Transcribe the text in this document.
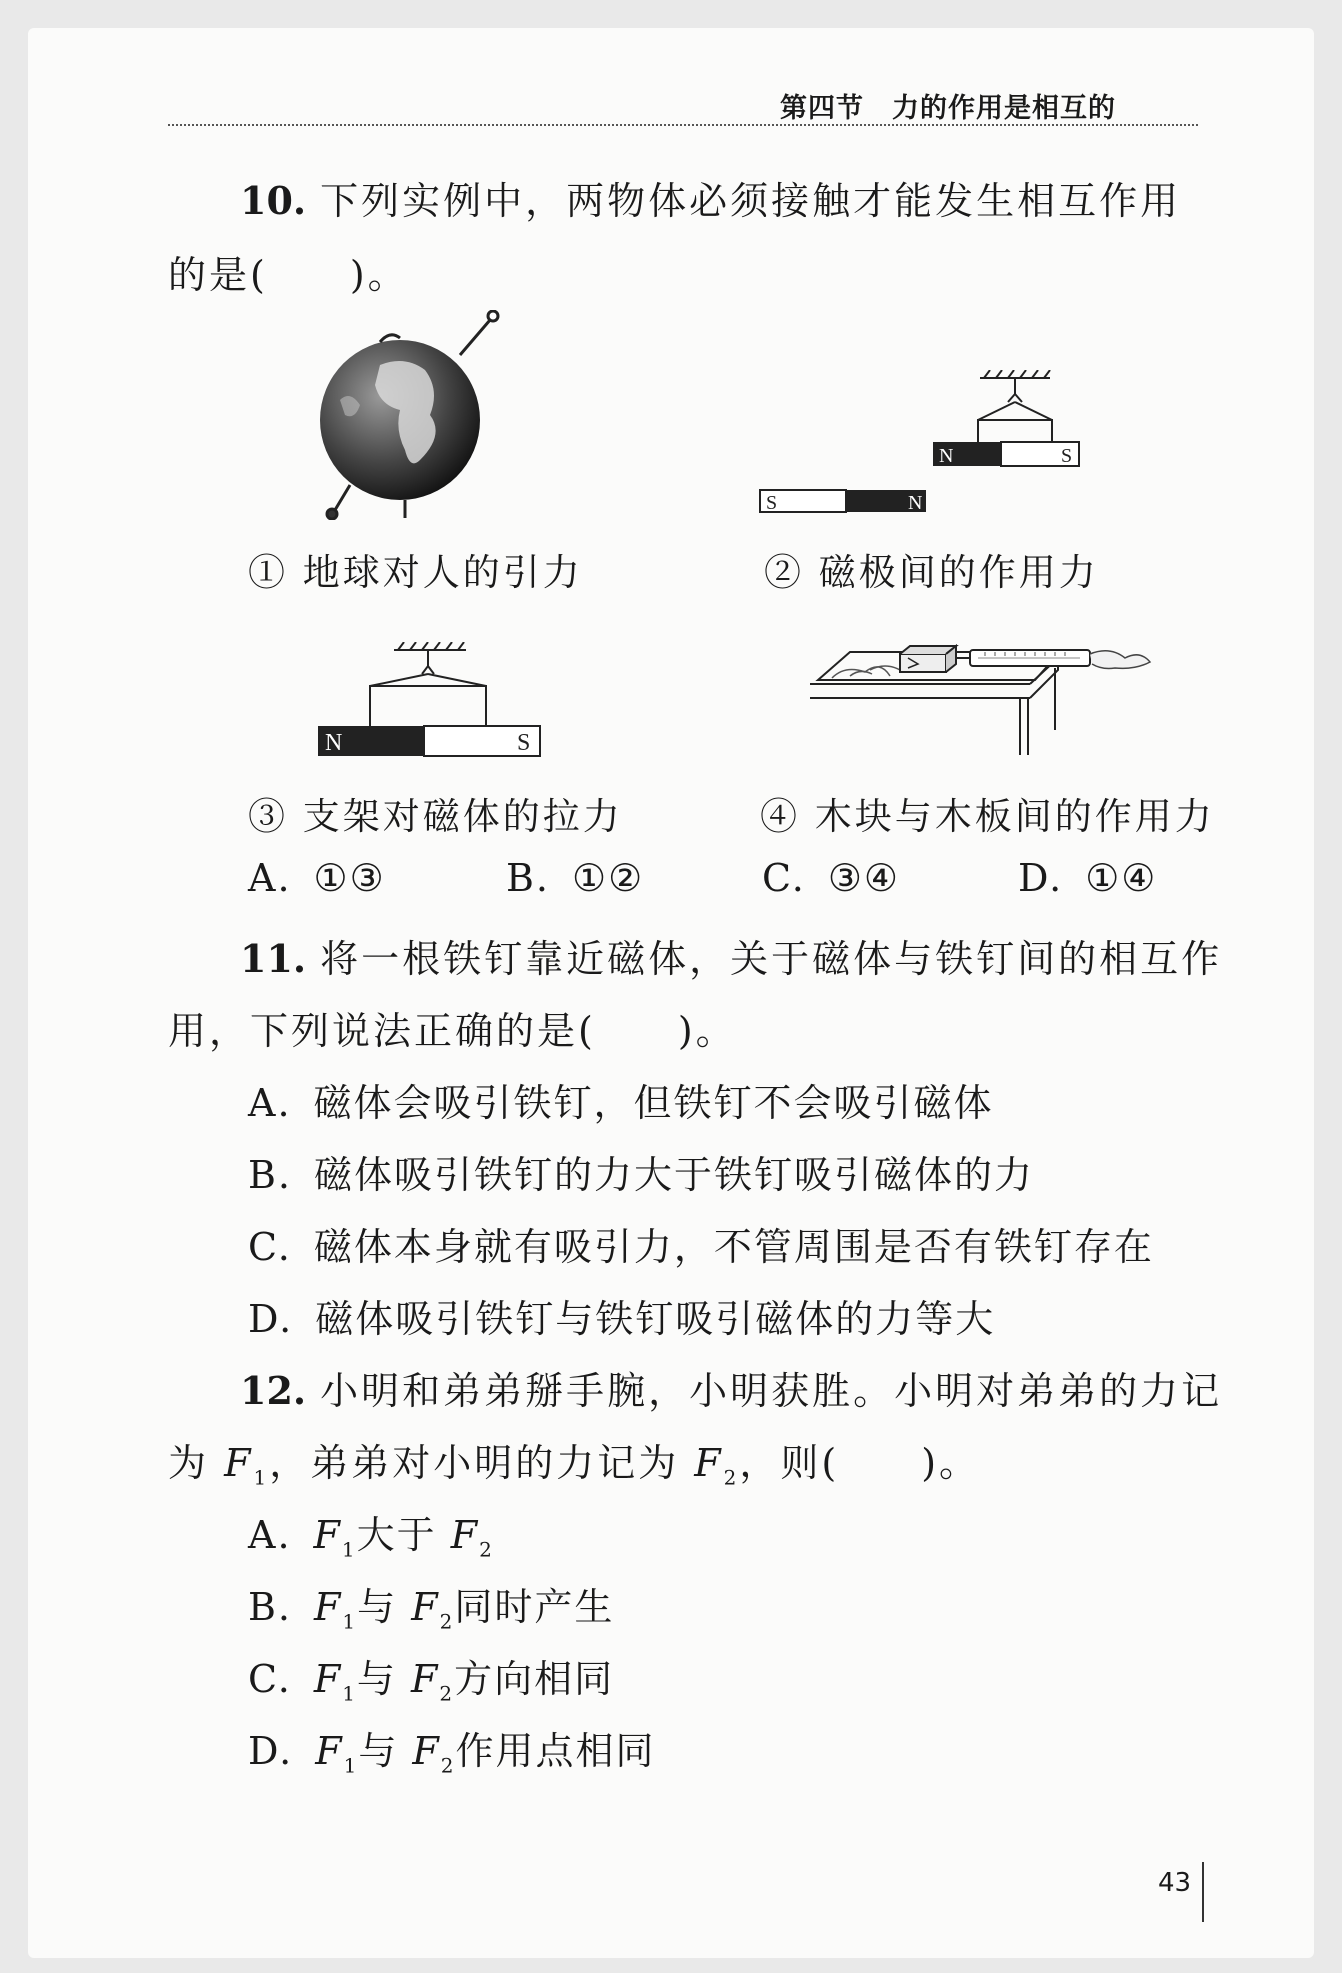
第四节 力的作用是相互的
10. 下列实例中，两物体必须接触才能发生相互作用
的是(　　)。
N	S
S	N
① 地球对人的引力	② 磁极间的作用力
N	S
③ 支架对磁体的拉力	④ 木块与木板间的作用力
A. ①③	B. ①②	C. ③④	D. ①④
11. 将一根铁钉靠近磁体，关于磁体与铁钉间的相互作
用，下列说法正确的是(　　)。
A. 磁体会吸引铁钉，但铁钉不会吸引磁体
B. 磁体吸引铁钉的力大于铁钉吸引磁体的力
C. 磁体本身就有吸引力，不管周围是否有铁钉存在
D. 磁体吸引铁钉与铁钉吸引磁体的力等大
12. 小明和弟弟掰手腕，小明获胜。小明对弟弟的力记
为 $F_1$，弟弟对小明的力记为 $F_2$，则(　　)。
A. $F_1$大于 $F_2$
B. $F_1$与 $F_2$同时产生
C. $F_1$与 $F_2$方向相同
D. $F_1$与 $F_2$作用点相同
43
